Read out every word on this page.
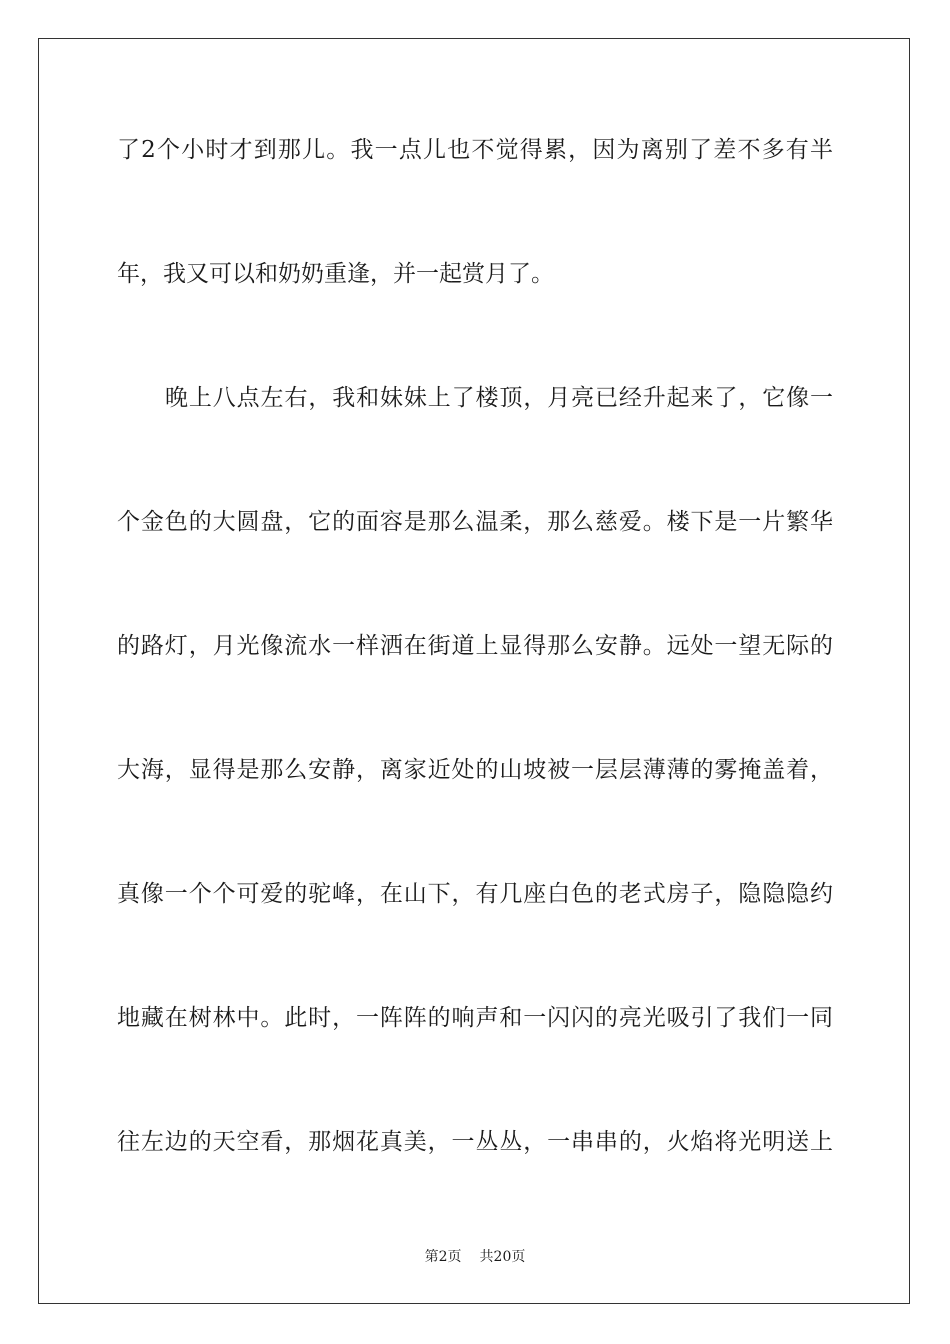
了2个小时才到那儿。我一点儿也不觉得累，因为离别了差不多有半
年，我又可以和奶奶重逢，并一起赏月了。
晚上八点左右，我和妹妹上了楼顶，月亮已经升起来了，它像一
个金色的大圆盘，它的面容是那么温柔，那么慈爱。楼下是一片繁华
的路灯，月光像流水一样洒在街道上显得那么安静。远处一望无际的
大海，显得是那么安静，离家近处的山坡被一层层薄薄的雾掩盖着，
真像一个个可爱的驼峰，在山下，有几座白色的老式房子，隐隐隐约
地藏在树林中。此时，一阵阵的响声和一闪闪的亮光吸引了我们一同
往左边的天空看，那烟花真美，一丛丛，一串串的，火焰将光明送上
第2页 共20页
